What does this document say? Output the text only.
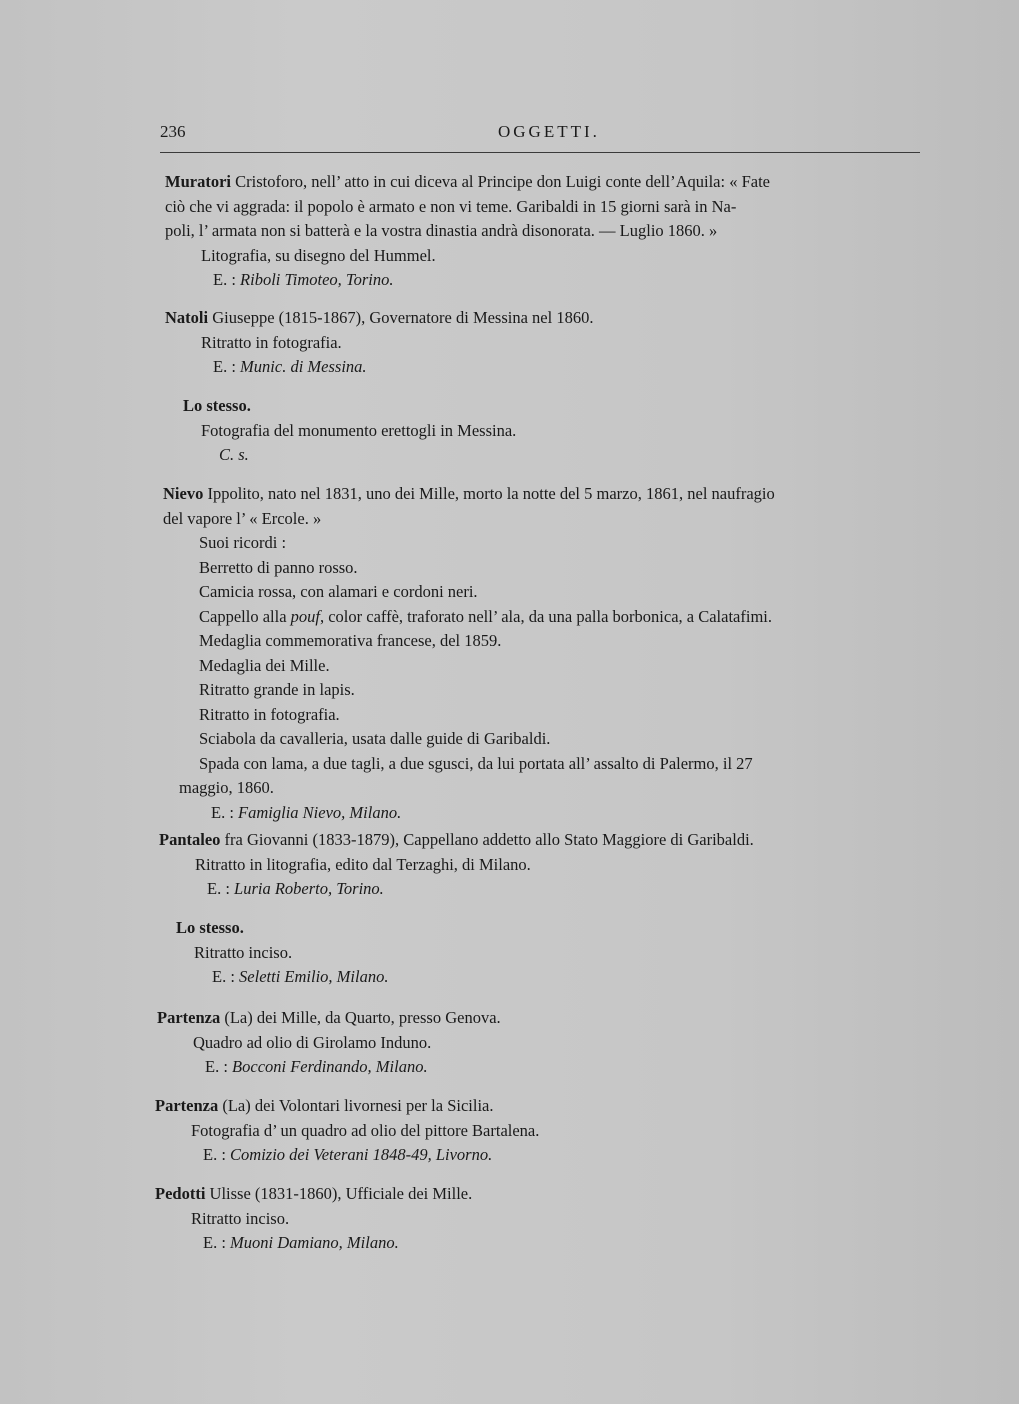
236	OGGETTI.

Muratori Cristoforo, nell’ atto in cui diceva al Principe don Luigi conte dell’Aquila: « Fate

ciò che vi aggrada: il popolo è armato e non vi teme. Garibaldi in 15 giorni sarà in Na-

poli, l’ armata non si batterà e la vostra dinastia andrà disonorata. — Luglio 1860. »

Litografia, su disegno del Hummel.

E. : Riboli Timoteo, Torino.

Natoli Giuseppe (1815-1867), Governatore di Messina nel 1860.

Ritratto in fotografia.

E. : Munic. di Messina.

Lo stesso.

Fotografia del monumento erettogli in Messina.

C. s.

Nievo Ippolito, nato nel 1831, uno dei Mille, morto la notte del 5 marzo, 1861, nel naufragio

del vapore l’ « Ercole. »

Suoi ricordi :

Berretto di panno rosso.

Camicia rossa, con alamari e cordoni neri.

Cappello alla pouf, color caffè, traforato nell’ ala, da una palla borbonica, a Calatafimi.

Medaglia commemorativa francese, del 1859.

Medaglia dei Mille.

Ritratto grande in lapis.

Ritratto in fotografia.

Sciabola da cavalleria, usata dalle guide di Garibaldi.

Spada con lama, a due tagli, a due sgusci, da lui portata all’ assalto di Palermo, il 27

maggio, 1860.

E. : Famiglia Nievo, Milano.

Pantaleo fra Giovanni (1833-1879), Cappellano addetto allo Stato Maggiore di Garibaldi.

Ritratto in litografia, edito dal Terzaghi, di Milano.

E. : Luria Roberto, Torino.

Lo stesso.

Ritratto inciso.

E. : Seletti Emilio, Milano.

Partenza (La) dei Mille, da Quarto, presso Genova.

Quadro ad olio di Girolamo Induno.

E. : Bocconi Ferdinando, Milano.

Partenza (La) dei Volontari livornesi per la Sicilia.

Fotografia d’ un quadro ad olio del pittore Bartalena.

E. : Comizio dei Veterani 1848-49, Livorno.

Pedotti Ulisse (1831-1860), Ufficiale dei Mille.

Ritratto inciso.

E. : Muoni Damiano, Milano.
